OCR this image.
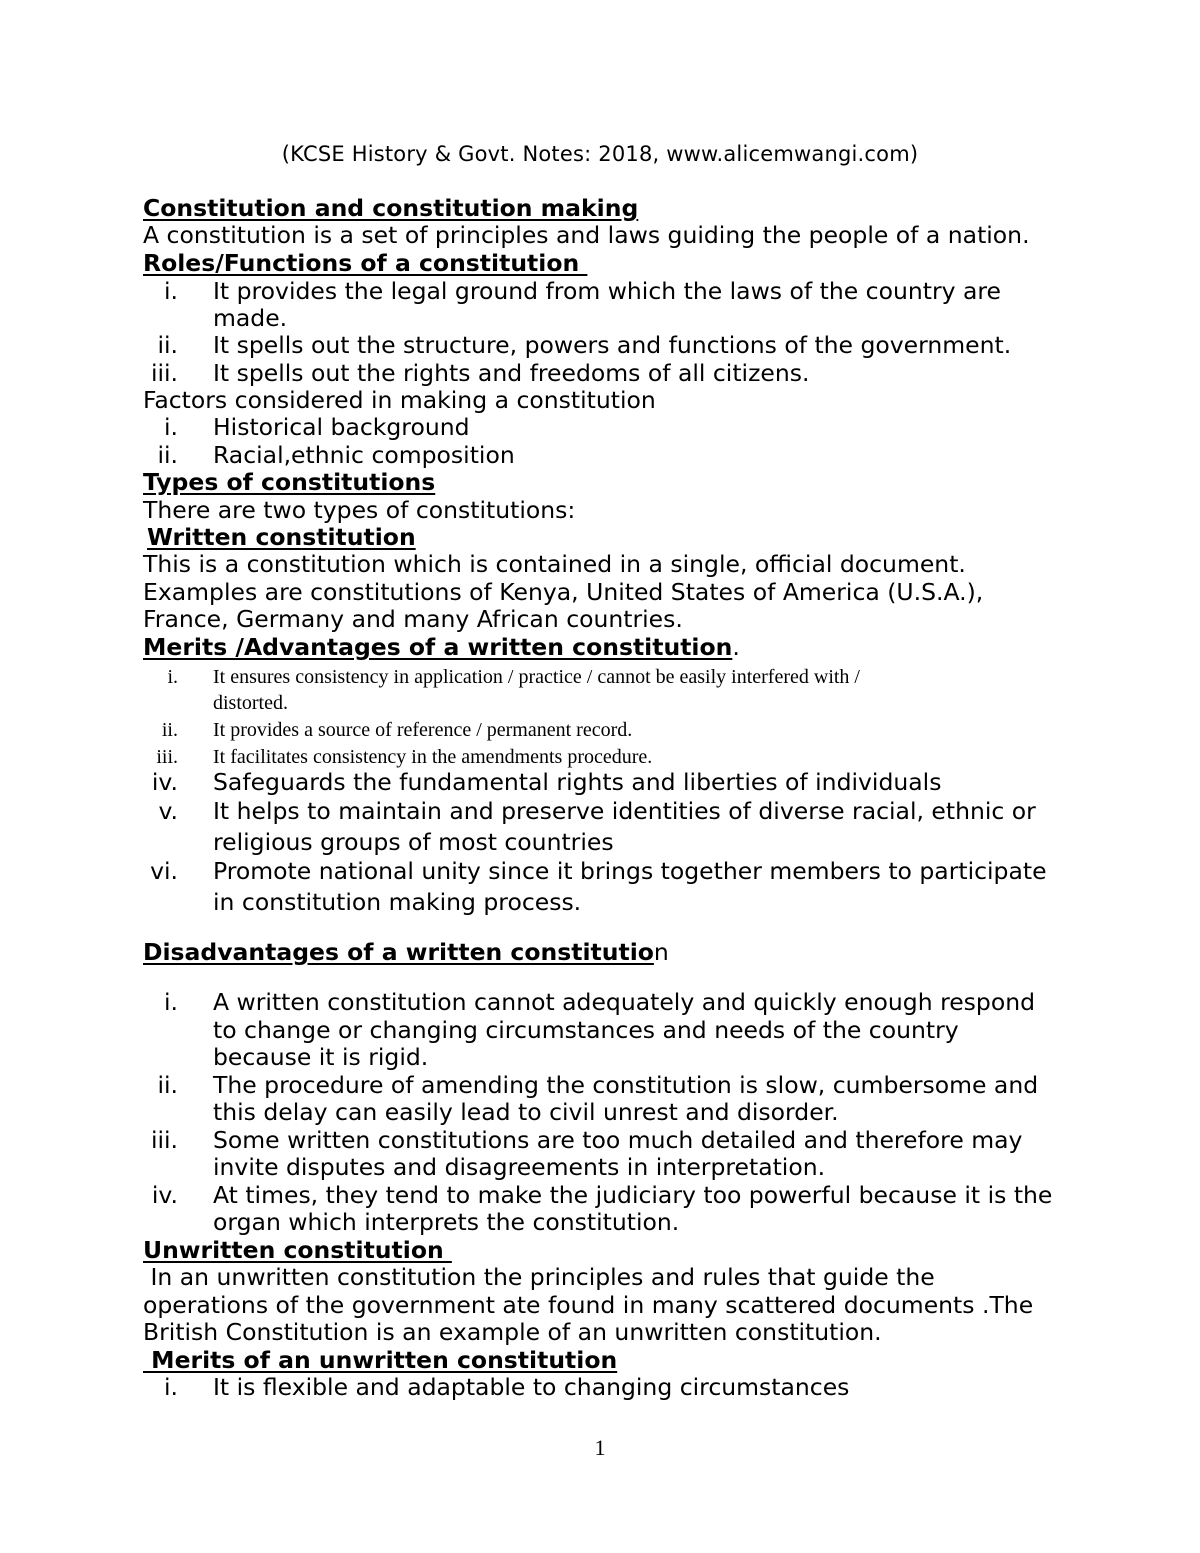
(KCSE History & Govt. Notes: 2018, www.alicemwangi.com)
Constitution and constitution making
A constitution is a set of principles and laws guiding the people of a nation.
Roles/Functions of a constitution
i. It provides the legal ground from which the laws of the country are
made.
ii. It spells out the structure, powers and functions of the government.
iii. It spells out the rights and freedoms of all citizens.
Factors considered in making a constitution
i. Historical background
ii. Racial,ethnic composition
Types of constitutions
There are two types of constitutions:
Written constitution
This is a constitution which is contained in a single, official document.
Examples are constitutions of Kenya, United States of America (U.S.A.),
France, Germany and many African countries.
Merits /Advantages of a written constitution.
i. It ensures consistency in application / practice / cannot be easily interfered with /
distorted.
ii. It provides a source of reference / permanent record.
iii. It facilitates consistency in the amendments procedure.
iv. Safeguards the fundamental rights and liberties of individuals
v. It helps to maintain and preserve identities of diverse racial, ethnic or
religious groups of most countries
vi. Promote national unity since it brings together members to participate
in constitution making process.
Disadvantages of a written constitution
i. A written constitution cannot adequately and quickly enough respond
to change or changing circumstances and needs of the country
because it is rigid.
ii. The procedure of amending the constitution is slow, cumbersome and
this delay can easily lead to civil unrest and disorder.
iii. Some written constitutions are too much detailed and therefore may
invite disputes and disagreements in interpretation.
iv. At times, they tend to make the judiciary too powerful because it is the
organ which interprets the constitution.
Unwritten constitution
In an unwritten constitution the principles and rules that guide the
operations of the government ate found in many scattered documents .The
British Constitution is an example of an unwritten constitution.
Merits of an unwritten constitution
i. It is flexible and adaptable to changing circumstances
1
